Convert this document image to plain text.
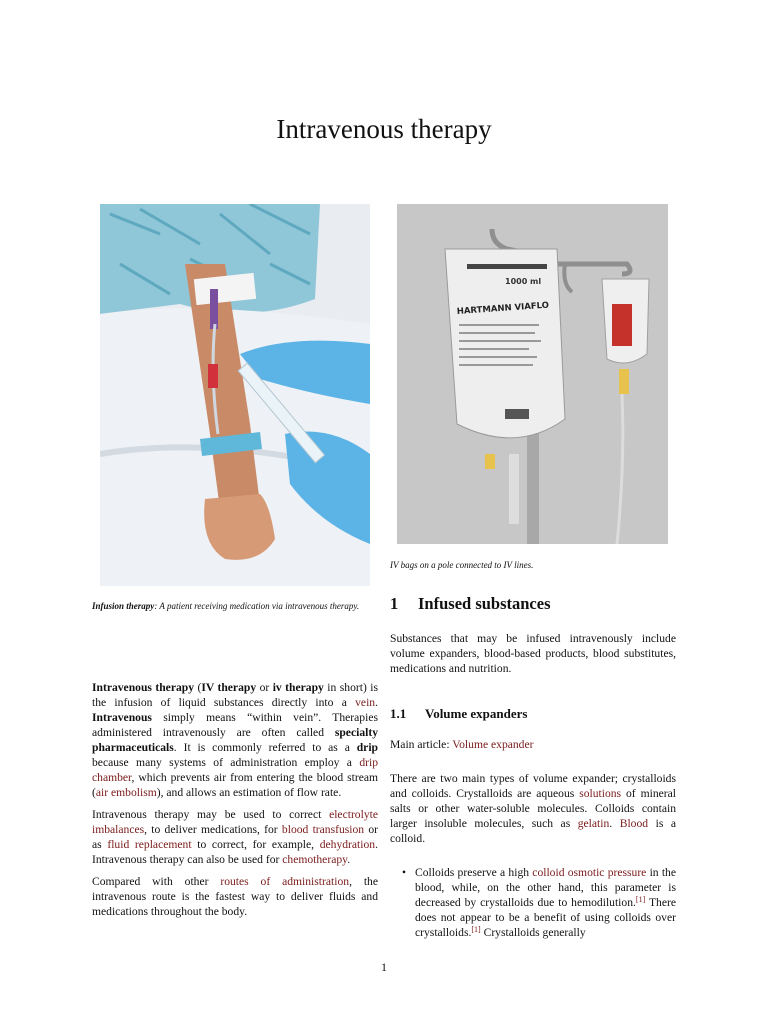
Intravenous therapy
1000 ml
HARTMANN VIAFLO
Infusion therapy: A patient receiving medication via intravenous therapy.
IV bags on a pole connected to IV lines.

Intravenous therapy (IV therapy or iv therapy in short) is the infusion of liquid substances directly into a vein. Intravenous simply means “within vein”. Therapies administered intravenously are often called specialty pharmaceuticals. It is commonly referred to as a drip because many systems of administration employ a drip chamber, which prevents air from entering the blood stream (air embolism), and allows an estimation of flow rate.

Intravenous therapy may be used to correct electrolyte imbalances, to deliver medications, for blood transfusion or as fluid replacement to correct, for example, dehydration. Intravenous therapy can also be used for chemotherapy.

Compared with other routes of administration, the intravenous route is the fastest way to deliver fluids and medications throughout the body.

1 Infused substances

Substances that may be infused intravenously include volume expanders, blood-based products, blood substitutes, medications and nutrition.

1.1 Volume expanders
Main article: Volume expander

There are two main types of volume expander; crystalloids and colloids. Crystalloids are aqueous solutions of mineral salts or other water-soluble molecules. Colloids contain larger insoluble molecules, such as gelatin. Blood is a colloid.

• Colloids preserve a high colloid osmotic pressure in the blood, while, on the other hand, this parameter is decreased by crystalloids due to hemodilution.[1] There does not appear to be a benefit of using colloids over crystalloids.[1] Crystalloids generally
1
